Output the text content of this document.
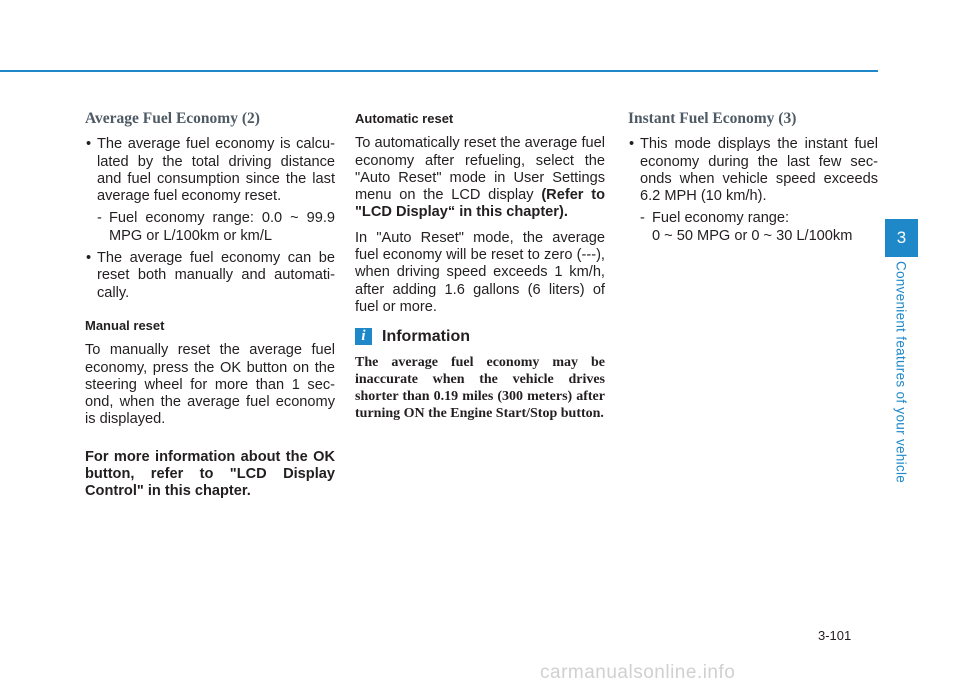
Average Fuel Economy (2)

• The average fuel economy is calcu- lated by the total driving distance and fuel consumption since the last average fuel economy reset.

- Fuel economy range: 0.0 ~ 99.9 MPG or L/100km or km/L

• The average fuel economy can be reset both manually and automati- cally.

Manual reset

To manually reset the average fuel economy, press the OK button on the steering wheel for more than 1 sec- ond, when the average fuel economy is displayed.

For more information about the OK button, refer to "LCD Display Control" in this chapter.

Automatic reset

To automatically reset the average fuel economy after refueling, select the "Auto Reset" mode in User Settings menu on the LCD display (Refer to "LCD Display“ in this chapter).

In "Auto Reset" mode, the average fuel economy will be reset to zero (---), when driving speed exceeds 1 km/h, after adding 1.6 gallons (6 liters) of fuel or more.

i	Information

The average fuel economy may be inaccurate when the vehicle drives shorter than 0.19 miles (300 meters) after turning ON the Engine Start/Stop button.

Instant Fuel Economy (3)

• This mode displays the instant fuel economy during the last few sec- onds when vehicle speed exceeds 6.2 MPH (10 km/h).

- Fuel economy range:

0 ~ 50 MPG or 0 ~ 30 L/100km	3
Convenient features of your vehicle
3-101
carmanualsonline.info
